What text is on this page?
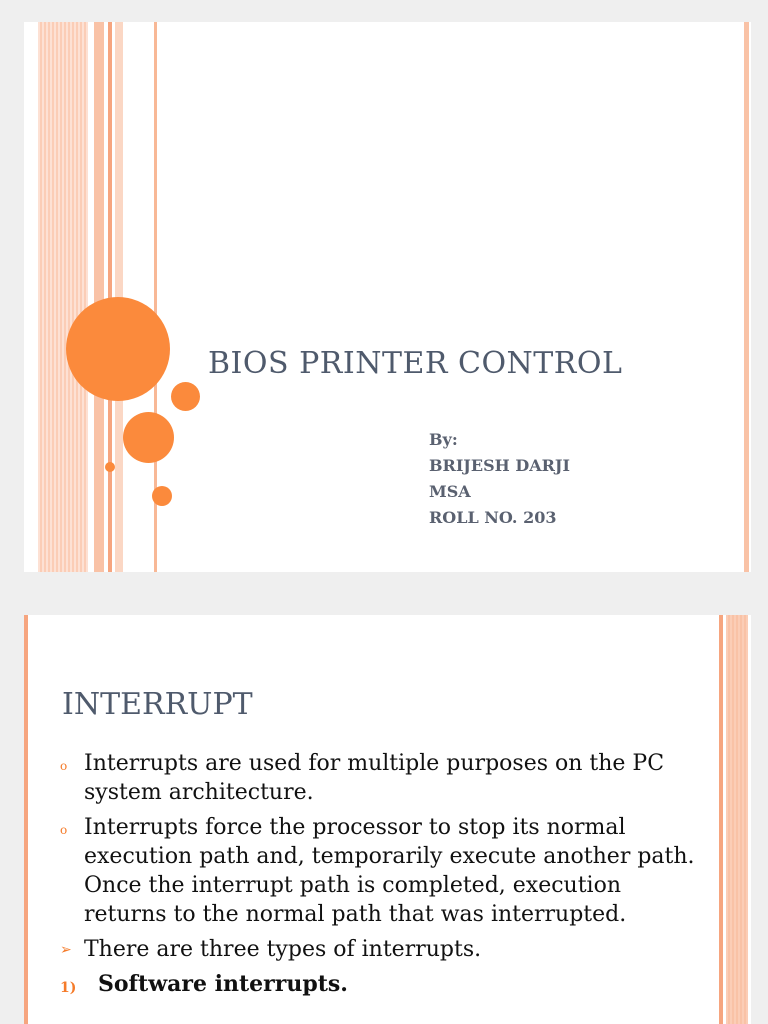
BIOS PRINTER CONTROL
By:
BRIJESH DARJI
MSA
ROLL NO. 203
INTERRUPT
o Interrupts are used for multiple purposes on the PC system architecture.
o Interrupts force the processor to stop its normal execution path and, temporarily execute another path. Once the interrupt path is completed, execution returns to the normal path that was interrupted.
➢ There are three types of interrupts.
1) Software interrupts.
